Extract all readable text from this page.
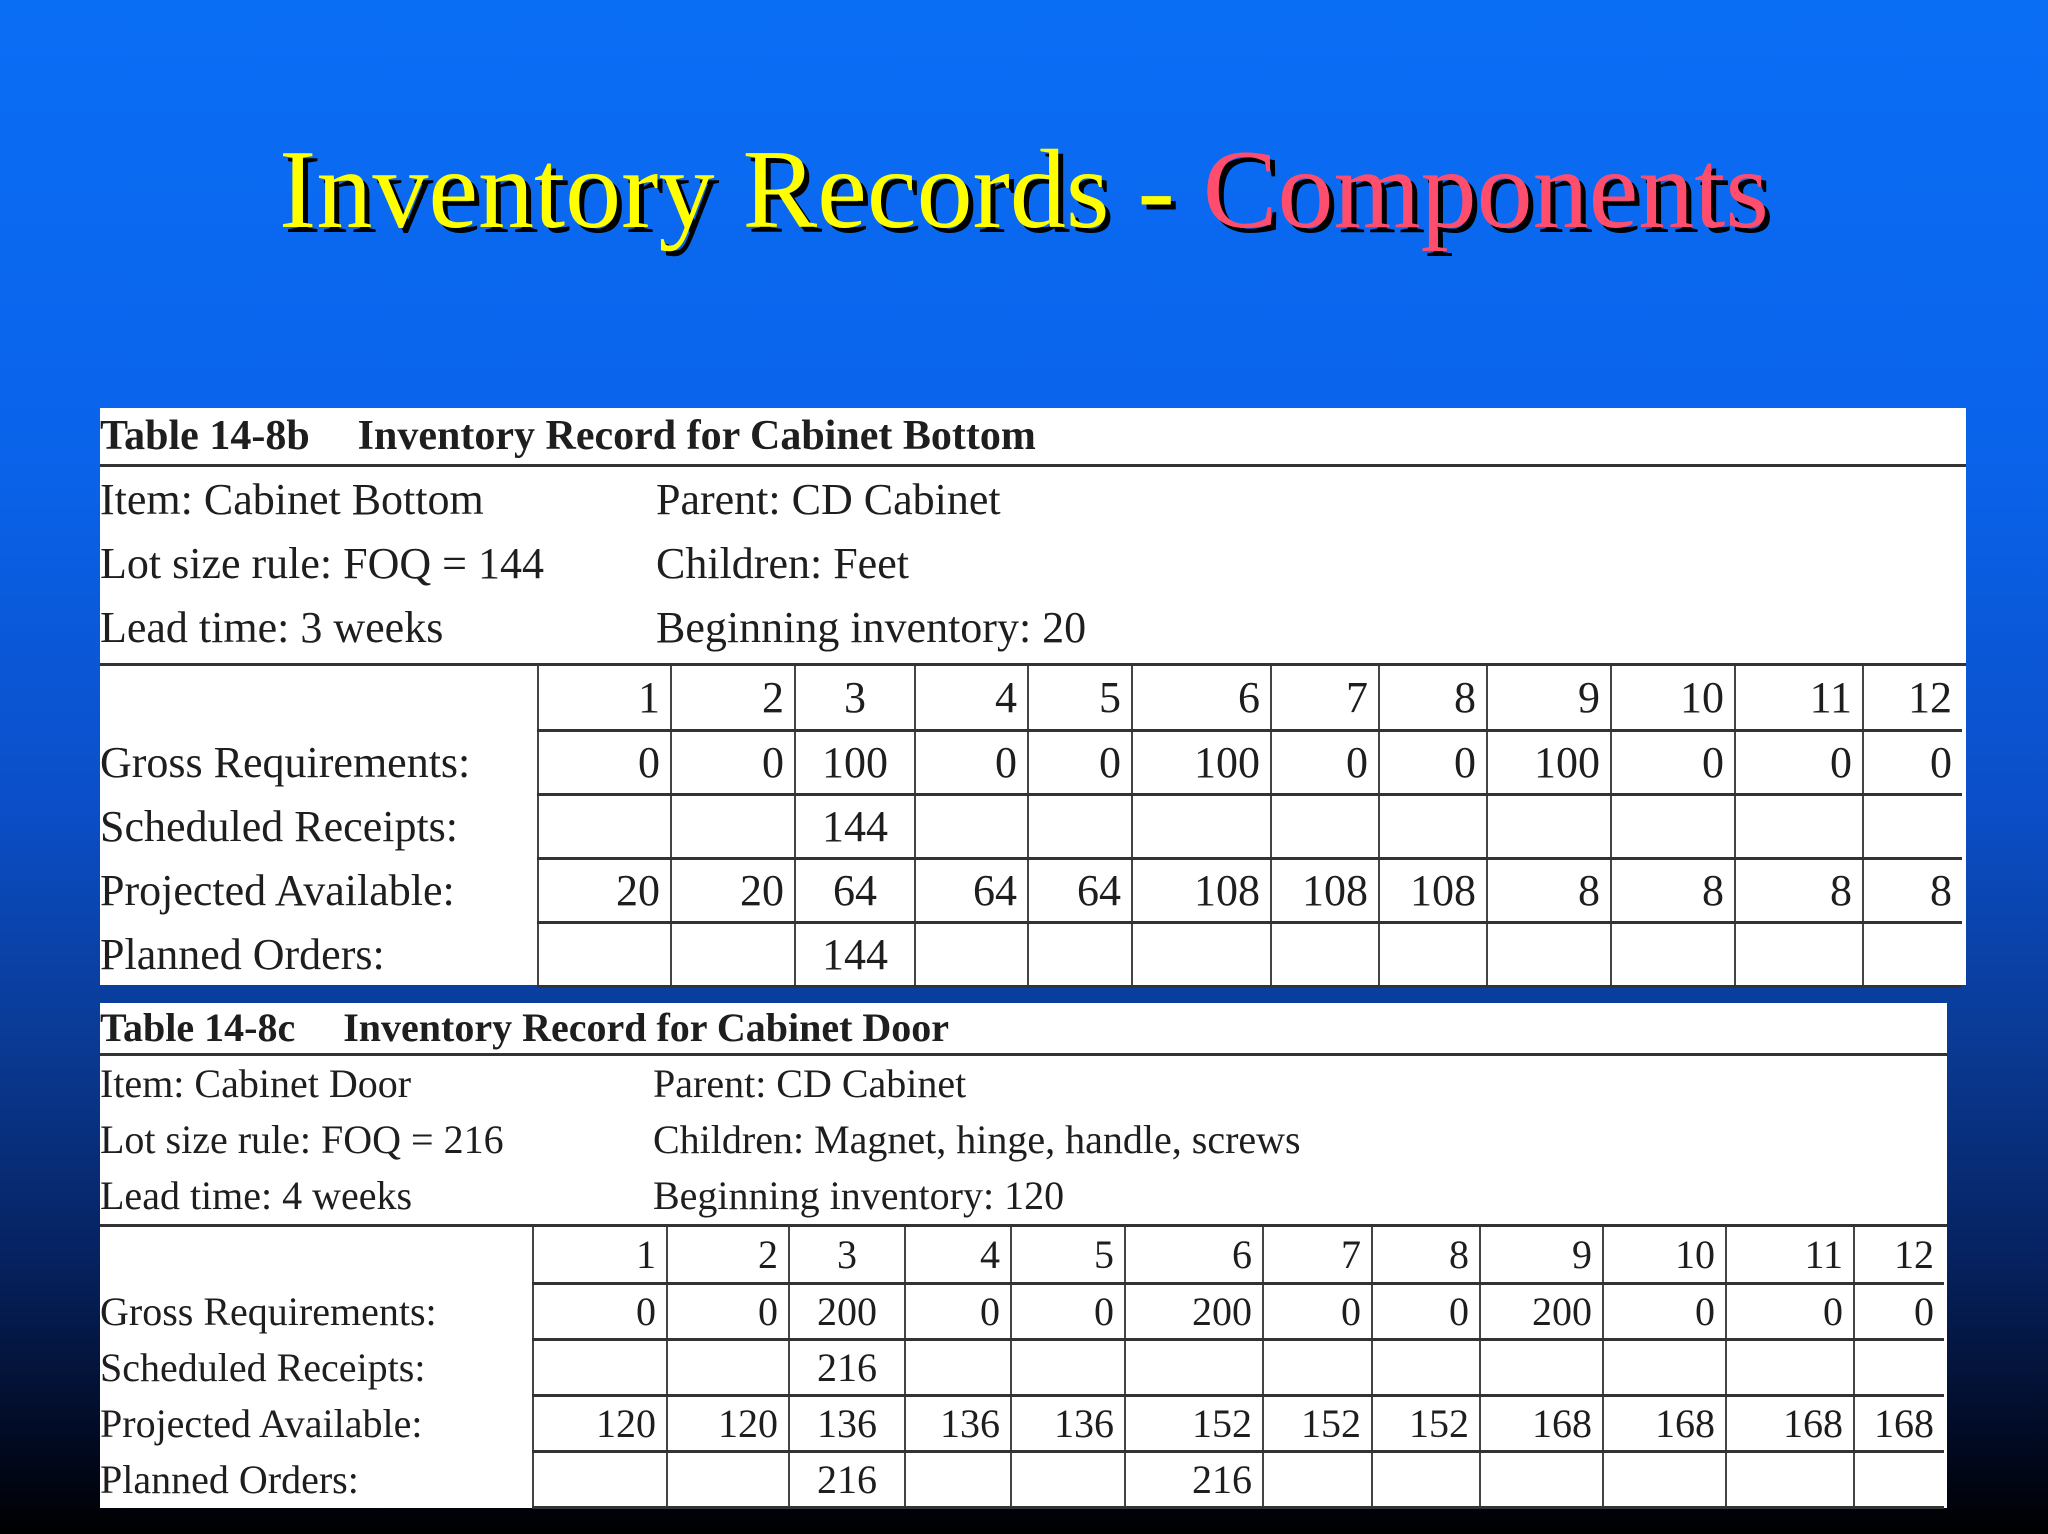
Inventory Records - Components
Table 14-8b Inventory Record for Cabinet Bottom
Item: Cabinet Bottom	Parent: CD Cabinet
Lot size rule: FOQ = 144	Children: Feet
Lead time: 3 weeks	Beginning inventory: 20
	1	2	3	4	5	6	7	8	9	10	11	12
Gross Requirements:	0	0	100	0	0	100	0	0	100	0	0	0
Scheduled Receipts:			144									
Projected Available:	20	20	64	64	64	108	108	108	8	8	8	8
Planned Orders:			144									
Table 14-8c Inventory Record for Cabinet Door
Item: Cabinet Door	Parent: CD Cabinet
Lot size rule: FOQ = 216	Children: Magnet, hinge, handle, screws
Lead time: 4 weeks	Beginning inventory: 120
	1	2	3	4	5	6	7	8	9	10	11	12
Gross Requirements:	0	0	200	0	0	200	0	0	200	0	0	0
Scheduled Receipts:			216									
Projected Available:	120	120	136	136	136	152	152	152	168	168	168	168
Planned Orders:			216			216						
